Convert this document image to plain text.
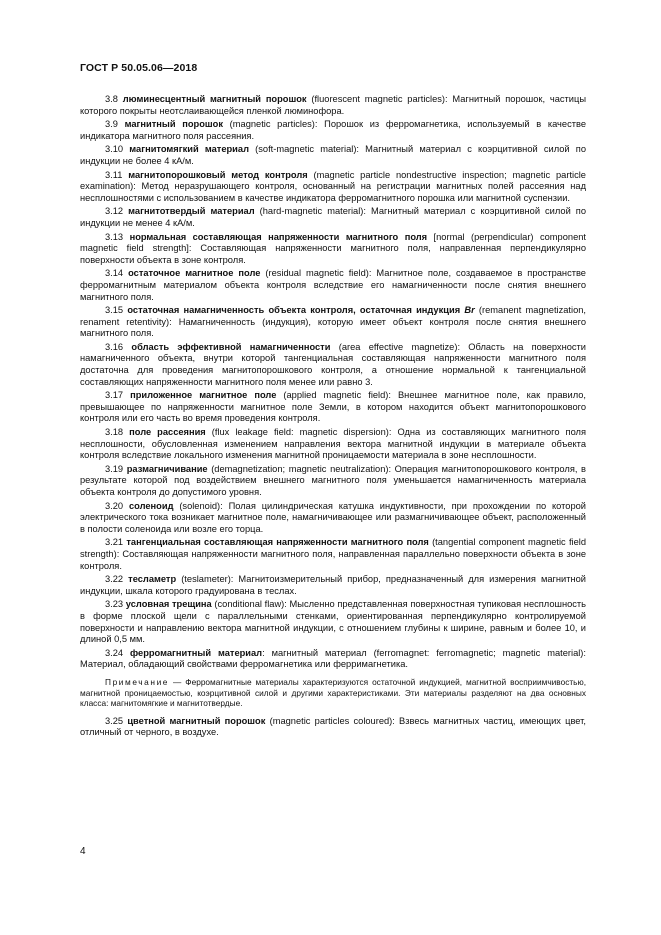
ГОСТ Р 50.05.06—2018

3.8 люминесцентный магнитный порошок (fluorescent magnetic particles): Магнитный порошок, частицы которого покрыты неотслаивающейся пленкой люминофора.

3.9 магнитный порошок (magnetic particles): Порошок из ферромагнетика, используемый в качестве индикатора магнитного поля рассеяния.

3.10 магнитомягкий материал (soft-magnetic material): Магнитный материал с коэрцитивной силой по индукции не более 4 кА/м.

3.11 магнитопорошковый метод контроля (magnetic particle nondestructive inspection; magnetic particle examination): Метод неразрушающего контроля, основанный на регистрации магнитных полей рассеяния над несплошностями с использованием в качестве индикатора ферромагнитного порошка или магнитной суспензии.

3.12 магнитотвердый материал (hard-magnetic material): Магнитный материал с коэрцитивной силой по индукции не менее 4 кА/м.

3.13 нормальная составляющая напряженности магнитного поля [normal (perpendicular) component magnetic field strength]: Составляющая напряженности магнитного поля, направленная перпендикулярно поверхности объекта в зоне контроля.

3.14 остаточное магнитное поле (residual magnetic field): Магнитное поле, создаваемое в пространстве ферромагнитным материалом объекта контроля вследствие его намагниченности после снятия внешнего магнитного поля.

3.15 остаточная намагниченность объекта контроля, остаточная индукция Br (remanent magnetization, renament retentivity): Намагниченность (индукция), которую имеет объект контроля после снятия внешнего магнитного поля.

3.16 область эффективной намагниченности (area effective magnetize): Область на поверхности намагниченного объекта, внутри которой тангенциальная составляющая напряженности магнитного поля достаточна для проведения магнитопорошкового контроля, а отношение нормальной к тангенциальной составляющих напряженности магнитного поля менее или равно 3.

3.17 приложенное магнитное поле (applied magnetic field): Внешнее магнитное поле, как правило, превышающее по напряженности магнитное поле Земли, в котором находится объект магнитопорошкового контроля или его часть во время проведения контроля.

3.18 поле рассеяния (flux leakage field: magnetic dispersion): Одна из составляющих магнитного поля несплошности, обусловленная изменением направления вектора магнитной индукции в материале объекта контроля вследствие локального изменения магнитной проницаемости материала в зоне несплошности.

3.19 размагничивание (demagnetization; magnetic neutralization): Операция магнитопорошкового контроля, в результате которой под воздействием внешнего магнитного поля уменьшается намагниченность материала объекта контроля до допустимого уровня.

3.20 соленоид (solenoid): Полая цилиндрическая катушка индуктивности, при прохождении по которой электрического тока возникает магнитное поле, намагничивающее или размагничивающее объект, расположенный в полости соленоида или возле его торца.

3.21 тангенциальная составляющая напряженности магнитного поля (tangential component magnetic field strength): Составляющая напряженности магнитного поля, направленная параллельно поверхности объекта в зоне контроля.

3.22 тесламетр (teslameter): Магнитоизмерительный прибор, предназначенный для измерения магнитной индукции, шкала которого градуирована в теслах.

3.23 условная трещина (conditional flaw): Мысленно представленная поверхностная тупиковая несплошность в форме плоской щели с параллельными стенками, ориентированная перпендикулярно контролируемой поверхности и направлению вектора магнитной индукции, с отношением глубины к ширине, равным и более 10, и длиной 0,5 мм.

3.24 ферромагнитный материал: магнитный материал (ferromagnet: ferromagnetic; magnetic material): Материал, обладающий свойствами ферромагнетика или ферримагнетика.

Примечание — Ферромагнитные материалы характеризуются остаточной индукцией, магнитной восприимчивостью, магнитной проницаемостью, коэрцитивной силой и другими характеристиками. Эти материалы разделяют на два основных класса: магнитомягкие и магнитотвердые.

3.25 цветной магнитный порошок (magnetic particles coloured): Взвесь магнитных частиц, имеющих цвет, отличный от черного, в воздухе.

4
